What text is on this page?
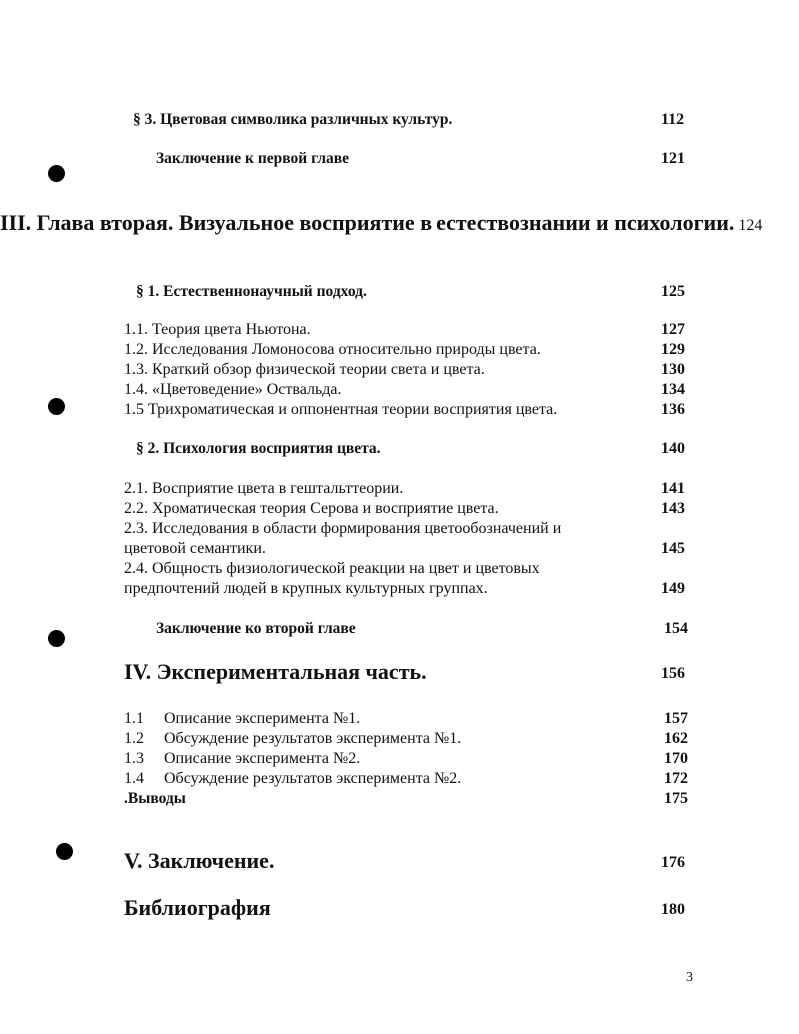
§ 3. Цветовая символика различных культур.	112
Заключение к первой главе	121
III. Глава вторая. Визуальное восприятие в естествознании и психологии. 124
§ 1. Естественнонаучный подход.	125
1.1. Теория цвета Ньютона.	127
1.2. Исследования Ломоносова относительно природы цвета.	129
1.3. Краткий обзор физической теории света и цвета.	130
1.4. «Цветоведение» Оствальда.	134
1.5 Трихроматическая и оппонентная теории восприятия цвета.	136
§ 2. Психология восприятия цвета.	140
2.1. Восприятие цвета в гештальттеории.	141
2.2. Хроматическая теория Серова и восприятие цвета.	143
2.3. Исследования в области формирования цветообозначений и
цветовой семантики.	145
2.4. Общность физиологической реакции на цвет и цветовых
предпочтений людей в крупных культурных группах.	149
Заключение ко второй главе	154
IV. Экспериментальная часть.	156
1.1 Описание эксперимента №1.	157
1.2 Обсуждение результатов эксперимента №1.	162
1.3 Описание эксперимента №2.	170
1.4 Обсуждение результатов эксперимента №2.	172
.Выводы	175
V. Заключение.	176
Библиография	180
3
